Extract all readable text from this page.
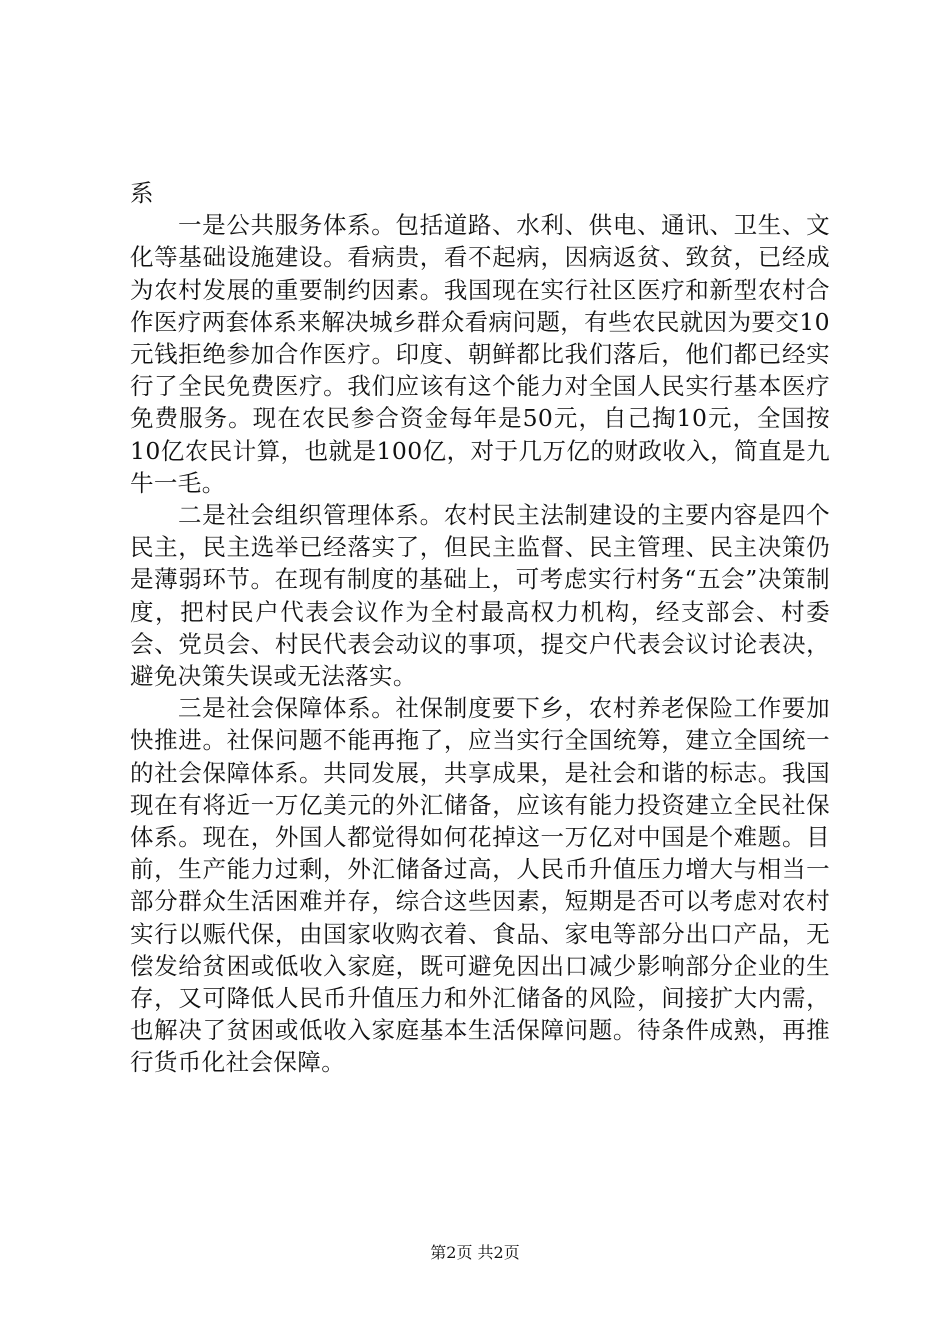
系

一是公共服务体系。包括道路、水利、供电、通讯、卫生、文化等基础设施建设。看病贵，看不起病，因病返贫、致贫，已经成为农村发展的重要制约因素。我国现在实行社区医疗和新型农村合作医疗两套体系来解决城乡群众看病问题，有些农民就因为要交10元钱拒绝参加合作医疗。印度、朝鲜都比我们落后，他们都已经实行了全民免费医疗。我们应该有这个能力对全国人民实行基本医疗免费服务。现在农民参合资金每年是50元，自己掏10元，全国按10亿农民计算，也就是100亿，对于几万亿的财政收入，简直是九牛一毛。

二是社会组织管理体系。农村民主法制建设的主要内容是四个民主，民主选举已经落实了，但民主监督、民主管理、民主决策仍是薄弱环节。在现有制度的基础上，可考虑实行村务“五会”决策制度，把村民户代表会议作为全村最高权力机构，经支部会、村委会、党员会、村民代表会动议的事项，提交户代表会议讨论表决，避免决策失误或无法落实。

三是社会保障体系。社保制度要下乡，农村养老保险工作要加快推进。社保问题不能再拖了，应当实行全国统筹，建立全国统一的社会保障体系。共同发展，共享成果，是社会和谐的标志。我国现在有将近一万亿美元的外汇储备，应该有能力投资建立全民社保体系。现在，外国人都觉得如何花掉这一万亿对中国是个难题。目前，生产能力过剩，外汇储备过高，人民币升值压力增大与相当一部分群众生活困难并存，综合这些因素，短期是否可以考虑对农村实行以赈代保，由国家收购衣着、食品、家电等部分出口产品，无偿发给贫困或低收入家庭，既可避免因出口减少影响部分企业的生存，又可降低人民币升值压力和外汇储备的风险，间接扩大内需，也解决了贫困或低收入家庭基本生活保障问题。待条件成熟，再推行货币化社会保障。

第2页 共2页
